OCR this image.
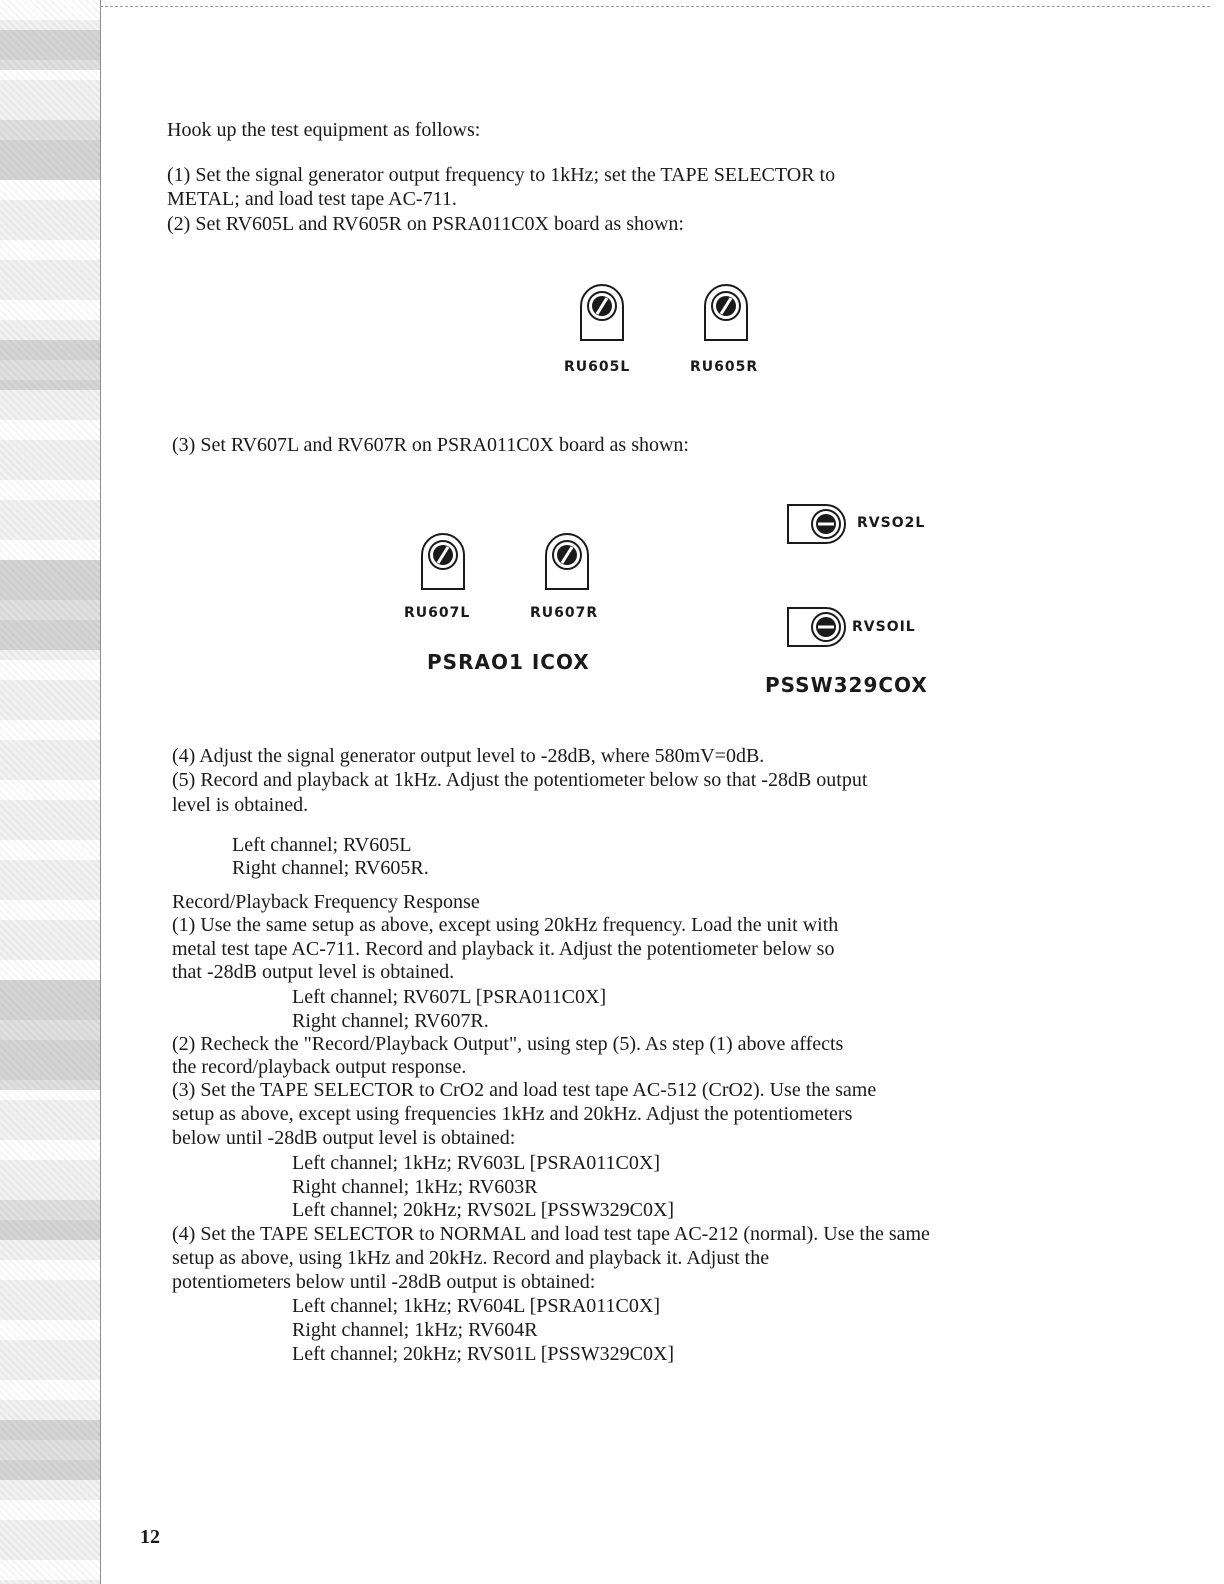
Hook up the test equipment as follows:
(1) Set the signal generator output frequency to 1kHz; set the TAPE SELECTOR to
METAL; and load test tape AC-711.
(2) Set RV605L and RV605R on PSRA011C0X board as shown:
RU605L	RU605R
(3) Set RV607L and RV607R on PSRA011C0X board as shown:
RU607L	RU607R
PSRAO1 ICOX
RVSO2L
RVSOIL
PSSW329COX
(4) Adjust the signal generator output level to -28dB, where 580mV=0dB.
(5) Record and playback at 1kHz. Adjust the potentiometer below so that -28dB output
level is obtained.
Left channel; RV605L
Right channel; RV605R.
Record/Playback Frequency Response
(1) Use the same setup as above, except using 20kHz frequency. Load the unit with
metal test tape AC-711. Record and playback it. Adjust the potentiometer below so
that -28dB output level is obtained.
Left channel; RV607L [PSRA011C0X]
Right channel; RV607R.
(2) Recheck the "Record/Playback Output", using step (5). As step (1) above affects
the record/playback output response.
(3) Set the TAPE SELECTOR to CrO2 and load test tape AC-512 (CrO2). Use the same
setup as above, except using frequencies 1kHz and 20kHz. Adjust the potentiometers
below until -28dB output level is obtained:
Left channel; 1kHz; RV603L [PSRA011C0X]
Right channel; 1kHz; RV603R
Left channel; 20kHz; RVS02L [PSSW329C0X]
(4) Set the TAPE SELECTOR to NORMAL and load test tape AC-212 (normal). Use the same
setup as above, using 1kHz and 20kHz. Record and playback it. Adjust the
potentiometers below until -28dB output is obtained:
Left channel; 1kHz; RV604L [PSRA011C0X]
Right channel; 1kHz; RV604R
Left channel; 20kHz; RVS01L [PSSW329C0X]
12
